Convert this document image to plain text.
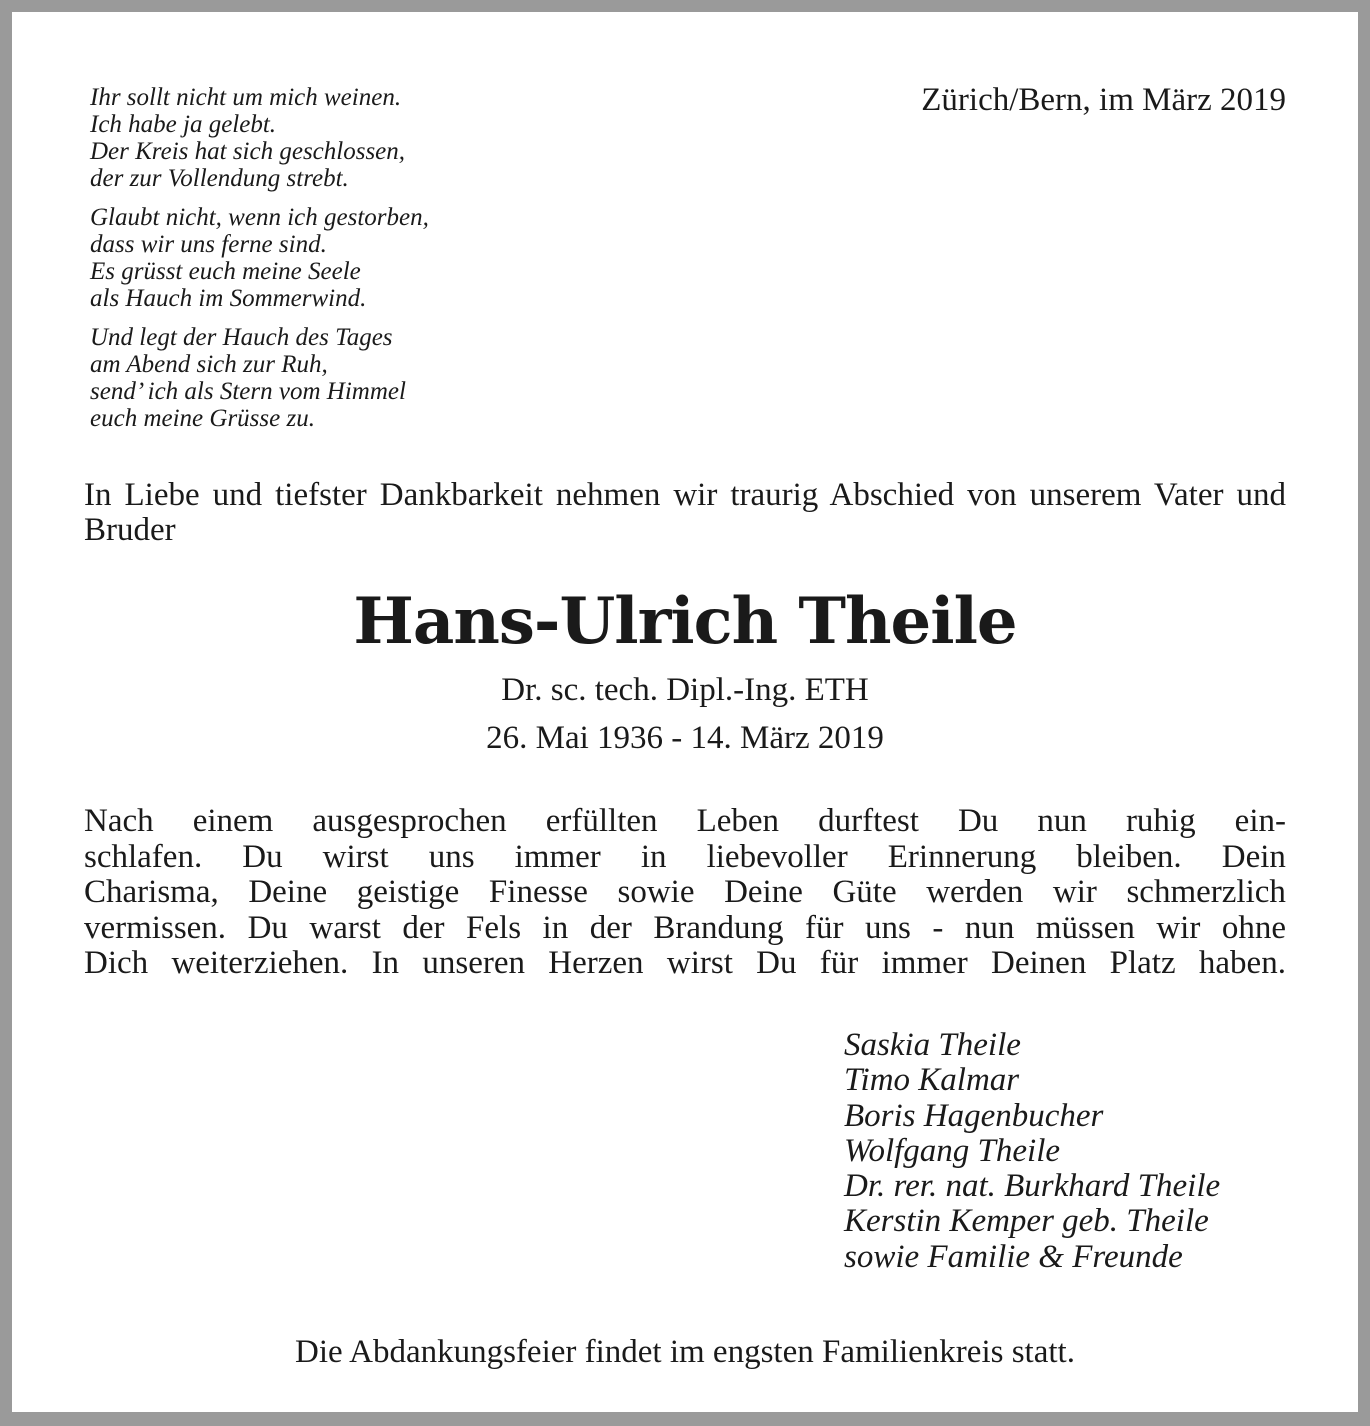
Ihr sollt nicht um mich weinen.
Ich habe ja gelebt.
Der Kreis hat sich geschlossen,
der zur Vollendung strebt.
Glaubt nicht, wenn ich gestorben,
dass wir uns ferne sind.
Es grüsst euch meine Seele
als Hauch im Sommerwind.
Und legt der Hauch des Tages
am Abend sich zur Ruh,
send’ ich als Stern vom Himmel
euch meine Grüsse zu.
Zürich/Bern, im März 2019
In Liebe und tiefster Dankbarkeit nehmen wir traurig Abschied von unserem Vater und Bruder
Hans-Ulrich Theile
Dr. sc. tech. Dipl.-Ing. ETH
26. Mai 1936 - 14. März 2019
Nach einem ausgesprochen erfüllten Leben durftest Du nun ruhig ein-
schlafen. Du wirst uns immer in liebevoller Erinnerung bleiben. Dein
Charisma, Deine geistige Finesse sowie Deine Güte werden wir schmerzlich
vermissen. Du warst der Fels in der Brandung für uns - nun müssen wir ohne
Dich weiterziehen. In unseren Herzen wirst Du für immer Deinen Platz haben.
Saskia Theile
Timo Kalmar
Boris Hagenbucher
Wolfgang Theile
Dr. rer. nat. Burkhard Theile
Kerstin Kemper geb. Theile
sowie Familie & Freunde
Die Abdankungsfeier findet im engsten Familienkreis statt.
